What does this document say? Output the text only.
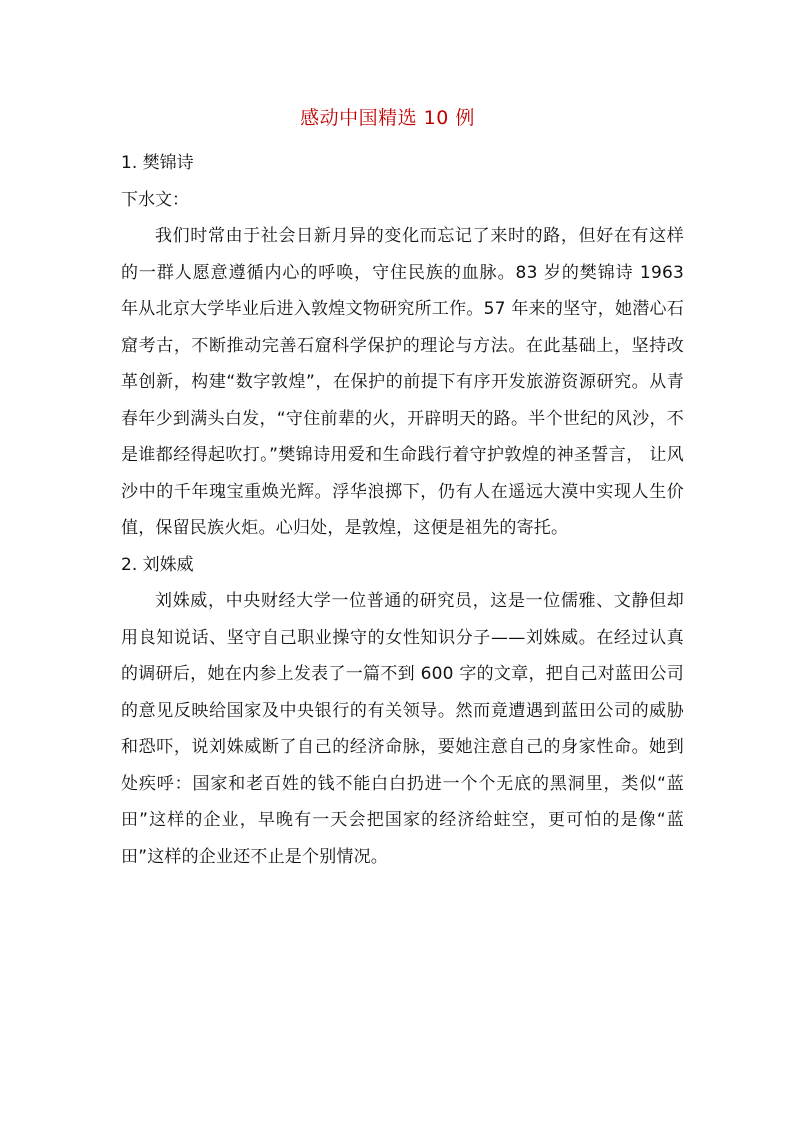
感动中国精选 10 例

1. 樊锦诗

下水文：

我们时常由于社会日新月异的变化而忘记了来时的路，但好在有这样的一群人愿意遵循内心的呼唤，守住民族的血脉。83 岁的樊锦诗 1963 年从北京大学毕业后进入敦煌文物研究所工作。57 年来的坚守，她潜心石窟考古，不断推动完善石窟科学保护的理论与方法。在此基础上，坚持改革创新，构建“数字敦煌”，在保护的前提下有序开发旅游资源研究。从青春年少到满头白发，“守住前辈的火，开辟明天的路。半个世纪的风沙，不是谁都经得起吹打。”樊锦诗用爱和生命践行着守护敦煌的神圣誓言， 让风沙中的千年瑰宝重焕光辉。浮华浪掷下，仍有人在遥远大漠中实现人生价值，保留民族火炬。心归处，是敦煌，这便是祖先的寄托。

2. 刘姝威

刘姝威，中央财经大学一位普通的研究员，这是一位儒雅、文静但却用良知说话、坚守自己职业操守的女性知识分子——刘姝威。在经过认真的调研后，她在内参上发表了一篇不到 600 字的文章，把自己对蓝田公司的意见反映给国家及中央银行的有关领导。然而竟遭遇到蓝田公司的威胁和恐吓，说刘姝威断了自己的经济命脉，要她注意自己的身家性命。她到处疾呼：国家和老百姓的钱不能白白扔进一个个无底的黑洞里，类似“蓝田”这样的企业，早晚有一天会把国家的经济给蛀空，更可怕的是像“蓝田”这样的企业还不止是个别情况。
